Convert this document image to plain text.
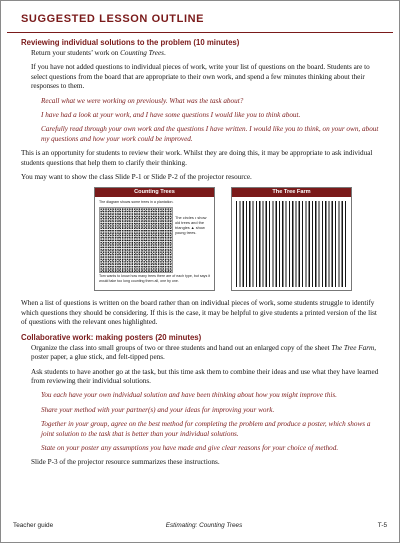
SUGGESTED LESSON OUTLINE
Reviewing individual solutions to the problem (10 minutes)

Return your students’ work on Counting Trees.

If you have not added questions to individual pieces of work, write your list of questions on the board. Students are to select questions from the board that are appropriate to their own work, and spend a few minutes thinking about their responses to them.

Recall what we were working on previously. What was the task about?

I have had a look at your work, and I have some questions I would like you to think about.

Carefully read through your own work and the questions I have written. I would like you to think, on your own, about my questions and how your work could be improved.

This is an opportunity for students to review their work. Whilst they are doing this, it may be appropriate to ask individual students questions that help them to clarify their thinking.

You may want to show the class Slide P-1 or Slide P-2 of the projector resource.

Counting Trees
The diagram shows some trees in a plantation.
The circles • show old trees and the triangles ▲ show young trees.
Tom wants to know how many trees there are of each type, but says it would take too long counting them all, one by one.
The Tree Farm

When a list of questions is written on the board rather than on individual pieces of work, some students struggle to identify which questions they should be considering. If this is the case, it may be helpful to give students a printed version of the list of questions with the relevant ones highlighted.

Collaborative work: making posters (20 minutes)

Organize the class into small groups of two or three students and hand out an enlarged copy of the sheet The Tree Farm, poster paper, a glue stick, and felt-tipped pens.

Ask students to have another go at the task, but this time ask them to combine their ideas and use what they have learned from reviewing their individual solutions.

You each have your own individual solution and have been thinking about how you might improve this.

Share your method with your partner(s) and your ideas for improving your work.

Together in your group, agree on the best method for completing the problem and produce a poster, which shows a joint solution to the task that is better than your individual solutions.

State on your poster any assumptions you have made and give clear reasons for your choice of method.

Slide P-3 of the projector resource summarizes these instructions.

Teacher guide	Estimating: Counting Trees	T-5
